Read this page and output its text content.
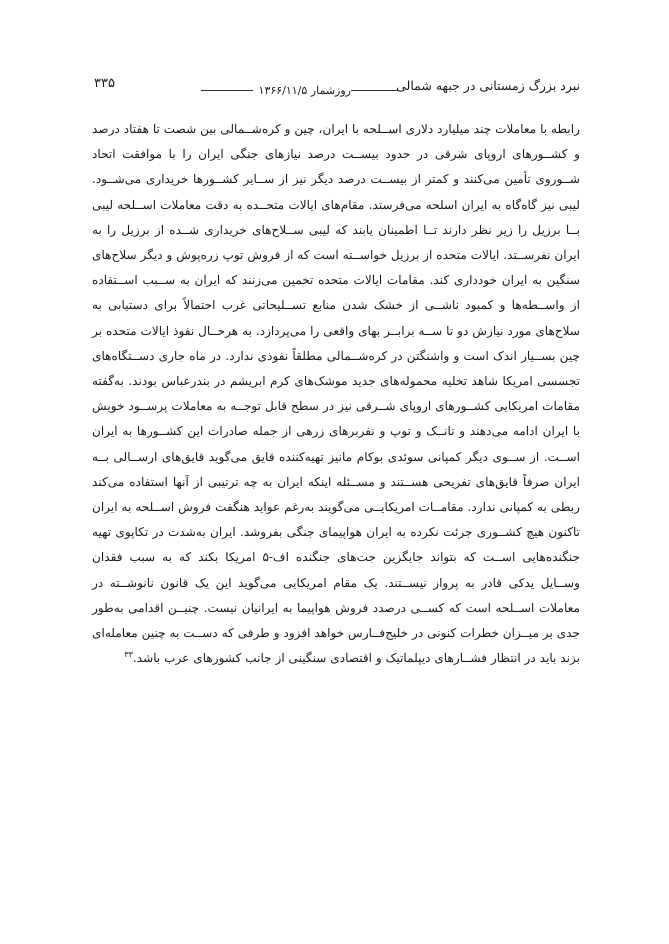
نبرد بزرگ زمستانی در جبهه شمالی
روزشمار ۱۳۶۶/۱۱/۵
۳۳۵

رابطه با معاملات چند میلیارد‌ دلاری اســلحه با ایران، چین و کره‌شــمالی بین شصت تا هفتاد درصد و کشــورهای اروپای شرقی در حدود بیســت درصد نیازهای جنگی ایران را با موافقت اتحاد شــوروی تأمین می‌کنند و کمتر از بیســت درصد دیگر نیز از ســایر کشــورها خریداری می‌شــود. لیبی نیز گاه‌گاه به ایران اسلحه می‌فرستد. مقام‌های ایالات متحــده به دقت معاملات اســلحه لیبی بــا برزیل را زیر نظر دارند تــا اطمینان یابند که لیبی ســلاح‌های خریداری شــده از برزیل را به ایران نفرســتد. ایالات متحده از برزیل خواســته است که از فروش توپ زره‌پوش و دیگر سلاح‌های سنگین به ایران خودداری کند. مقامات ایالات متحده تخمین می‌زنند که ایران به ســبب اســتفاده از واســطه‌ها و کمبود ناشــی از خشک شدن منابع تســلیحاتی غرب احتمالاً برای دستیابی به سلاح‌های مورد نیازش دو تا ســه برابــر بهای واقعی را می‌پردازد. به هرحــال نفوذ ایالات متحده بر چین بســیار اندک است و واشنگتن در کره‌شــمالی مطلقاً نفوذی ندارد. در ماه جاری دســتگاه‌های تجسسی امریکا شاهد تخلیه محموله‌های جدید موشک‌های کرم ابریشم در بندرعباس بودند. به‌گفته مقامات امریکایی کشــورهای اروپای شــرقی نیز در سطح قابل توجــه به معاملات پرســود خویش با ایران ادامه می‌دهند و تانــک و توپ و نفربرهای زرهی از جمله صادرات این کشــورها به ایران اســت. از ســوی دیگر کمپانی سوئدی بوکام مانیز تهیه‌کننده قایق می‌گوید قایق‌های ارســالی بــه ایران صرفاً قایق‌های تفریحی هســتند و مســئله اینکه ایران به چه ترتیبی از آنها استفاده می‌کند ربطی به کمپانی ندارد. مقامــات امریکایــی می‌گویند به‌رغم عواید هنگفت فروش اســلحه به ایران تاکنون هیچ کشــوری جرئت نکرده به ایران هواپیمای جنگی بفروشد. ایران به‌شدت در تکاپوی تهیه جنگنده‌هایی اســت که بتواند جایگزین جت‌های جنگنده اف-۵ امریکا بکند که به سبب فقدان وســایل یدکی قادر به پرواز نیســتند. یک مقام امریکایی می‌گوید این یک قانون نانوشــته در معاملات اســلحه است که کســی درصدد فروش هواپیما به ایرانیان نیست. چنیــن اقدامی به‌طور جدی بر میــزان خطرات کنونی در خلیج‌فــارس خواهد افزود و طرفی که دســت به چنین معامله‌ای بزند باید در انتظار فشــارهای دیپلماتیک و اقتصادی سنگینی از جانب کشورهای عرب باشد.$^{۳۳}$
